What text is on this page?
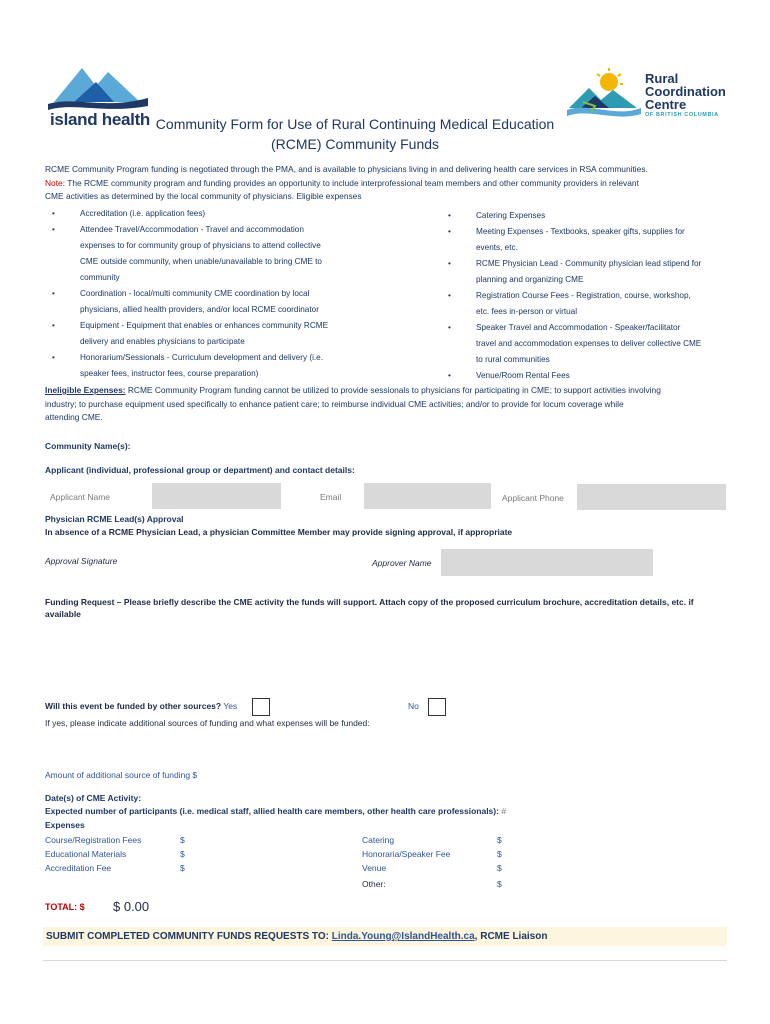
island health
Rural
Coordination
Centre
OF BRITISH COLUMBIA
Community Form for Use of Rural Continuing Medical Education
(RCME) Community Funds
RCME Community Program funding is negotiated through the PMA, and is available to physicians living in and delivering health care services in RSA communities.
Note: The RCME community program and funding provides an opportunity to include interprofessional team members and other community providers in relevant
CME activities as determined by the local community of physicians. Eligible expenses
•	Accreditation (i.e. application fees)
•	Attendee Travel/Accommodation - Travel and accommodation
expenses to for community group of physicians to attend collective
CME outside community, when unable/unavailable to bring CME to
community
•	Coordination - local/multi community CME coordination by local
physicians, allied health providers, and/or local RCME coordinator
•	Equipment - Equipment that enables or enhances community RCME
delivery and enables physicians to participate
•	Honorarium/Sessionals - Curriculum development and delivery (i.e.
speaker fees, instructor fees, course preparation)
•	Catering Expenses
•	Meeting Expenses - Textbooks, speaker gifts, supplies for
events, etc.
•	RCME Physician Lead - Community physician lead stipend for
planning and organizing CME
•	Registration Course Fees - Registration, course, workshop,
etc. fees in-person or virtual
•	Speaker Travel and Accommodation - Speaker/facilitator
travel and accommodation expenses to deliver collective CME
to rural communities
•	Venue/Room Rental Fees
Ineligible Expenses: RCME Community Program funding cannot be utilized to provide sessionals to physicians for participating in CME; to support activities involving
industry; to purchase equipment used specifically to enhance patient care; to reimburse individual CME activities; and/or to provide for locum coverage while
attending CME.
Community Name(s):
Applicant (individual, professional group or department) and contact details:
Applicant Name	Email	Applicant Phone
Physician RCME Lead(s) Approval
In absence of a RCME Physician Lead, a physician Committee Member may provide signing approval, if appropriate
Approval Signature	Approver Name
Funding Request – Please briefly describe the CME activity the funds will support. Attach copy of the proposed curriculum brochure, accreditation details, etc. if
available
Will this event be funded by other sources? Yes	No
If yes, please indicate additional sources of funding and what expenses will be funded:
Amount of additional source of funding $
Date(s) of CME Activity:
Expected number of participants (i.e. medical staff, allied health care members, other health care professionals): #
Expenses
Course/Registration Fees	$
Educational Materials	$
Accreditation Fee	$
Catering	$
Honoraria/Speaker Fee	$
Venue	$
Other:	$
TOTAL: $ $ 0.00
SUBMIT COMPLETED COMMUNITY FUNDS REQUESTS TO: Linda.Young@IslandHealth.ca, RCME Liaison
